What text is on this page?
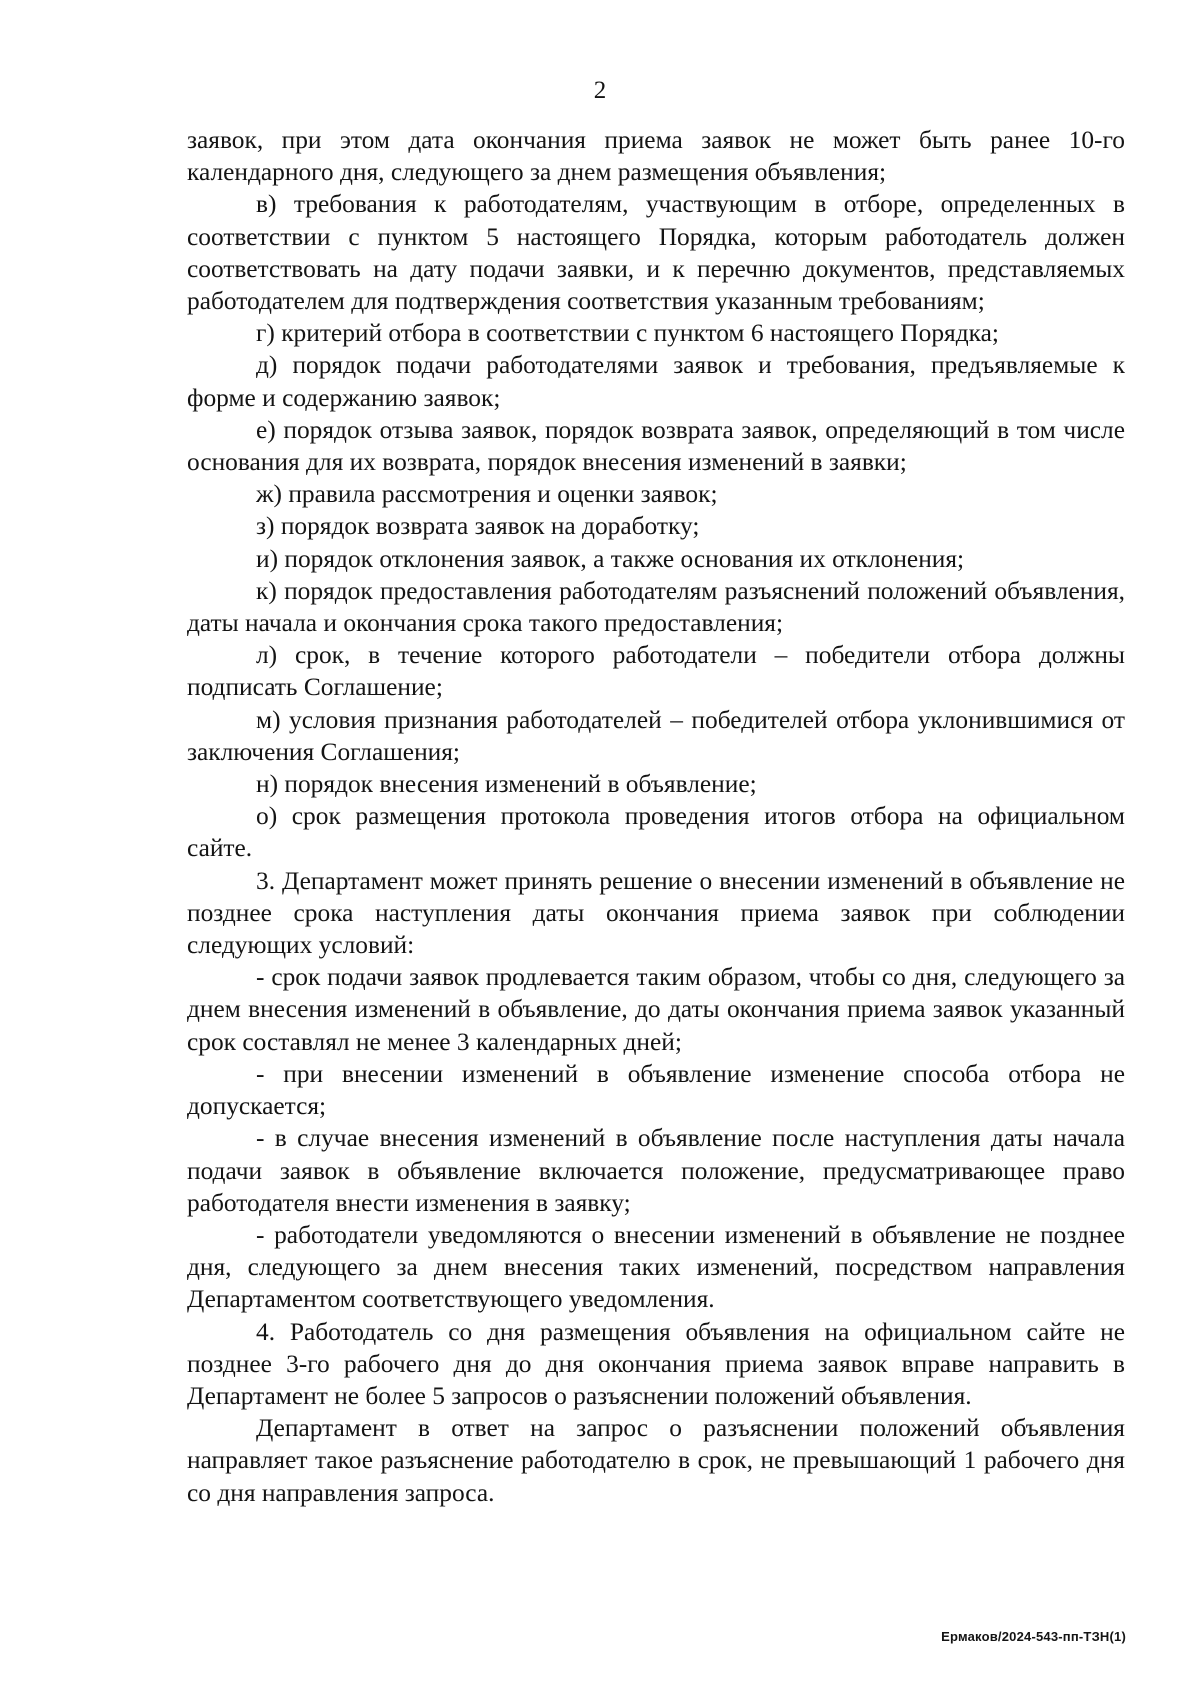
2

заявок, при этом дата окончания приема заявок не может быть ранее 10-го календарного дня, следующего за днем размещения объявления;

в) требования к работодателям, участвующим в отборе, определенных в соответствии с пунктом 5 настоящего Порядка, которым работодатель должен соответствовать на дату подачи заявки, и к перечню документов, представляемых работодателем для подтверждения соответствия указанным требованиям;

г) критерий отбора в соответствии с пунктом 6 настоящего Порядка;

д) порядок подачи работодателями заявок и требования, предъявляемые к форме и содержанию заявок;

е) порядок отзыва заявок, порядок возврата заявок, определяющий в том числе основания для их возврата, порядок внесения изменений в заявки;

ж) правила рассмотрения и оценки заявок;

з) порядок возврата заявок на доработку;

и) порядок отклонения заявок, а также основания их отклонения;

к) порядок предоставления работодателям разъяснений положений объявления, даты начала и окончания срока такого предоставления;

л) срок, в течение которого работодатели – победители отбора должны подписать Соглашение;

м) условия признания работодателей – победителей отбора уклонившимися от заключения Соглашения;

н) порядок внесения изменений в объявление;

о) срок размещения протокола проведения итогов отбора на официальном сайте.

3. Департамент может принять решение о внесении изменений в объявление не позднее срока наступления даты окончания приема заявок при соблюдении следующих условий:

- срок подачи заявок продлевается таким образом, чтобы со дня, следующего за днем внесения изменений в объявление, до даты окончания приема заявок указанный срок составлял не менее 3 календарных дней;

- при внесении изменений в объявление изменение способа отбора не допускается;

- в случае внесения изменений в объявление после наступления даты начала подачи заявок в объявление включается положение, предусматривающее право работодателя внести изменения в заявку;

- работодатели уведомляются о внесении изменений в объявление не позднее дня, следующего за днем внесения таких изменений, посредством направления Департаментом соответствующего уведомления.

4. Работодатель со дня размещения объявления на официальном сайте не позднее 3-го рабочего дня до дня окончания приема заявок вправе направить в Департамент не более 5 запросов о разъяснении положений объявления.

Департамент в ответ на запрос о разъяснении положений объявления направляет такое разъяснение работодателю в срок, не превышающий 1 рабочего дня со дня направления запроса.

Ермаков/2024-543-пп-ТЗН(1)
